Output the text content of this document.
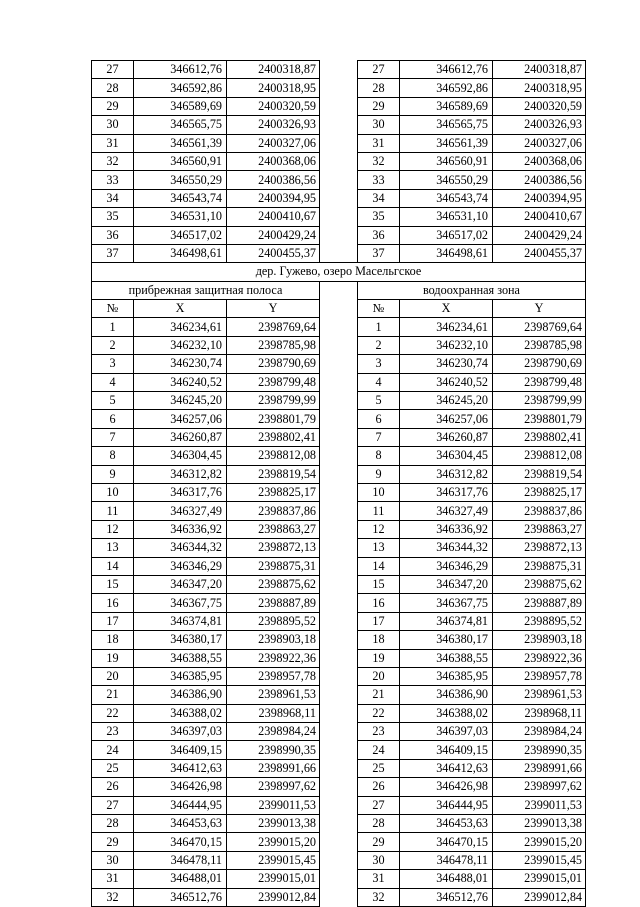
27	346612,76	2400318,87		27	346612,76	2400318,87
28	346592,86	2400318,95		28	346592,86	2400318,95
29	346589,69	2400320,59		29	346589,69	2400320,59
30	346565,75	2400326,93		30	346565,75	2400326,93
31	346561,39	2400327,06		31	346561,39	2400327,06
32	346560,91	2400368,06		32	346560,91	2400368,06
33	346550,29	2400386,56		33	346550,29	2400386,56
34	346543,74	2400394,95		34	346543,74	2400394,95
35	346531,10	2400410,67		35	346531,10	2400410,67
36	346517,02	2400429,24		36	346517,02	2400429,24
37	346498,61	2400455,37		37	346498,61	2400455,37
дер. Гужево, озеро Масельгское						
прибрежная защитная полоса				водоохранная зона		
№	X	Y		№	X	Y
1	346234,61	2398769,64		1	346234,61	2398769,64
2	346232,10	2398785,98		2	346232,10	2398785,98
3	346230,74	2398790,69		3	346230,74	2398790,69
4	346240,52	2398799,48		4	346240,52	2398799,48
5	346245,20	2398799,99		5	346245,20	2398799,99
6	346257,06	2398801,79		6	346257,06	2398801,79
7	346260,87	2398802,41		7	346260,87	2398802,41
8	346304,45	2398812,08		8	346304,45	2398812,08
9	346312,82	2398819,54		9	346312,82	2398819,54
10	346317,76	2398825,17		10	346317,76	2398825,17
11	346327,49	2398837,86		11	346327,49	2398837,86
12	346336,92	2398863,27		12	346336,92	2398863,27
13	346344,32	2398872,13		13	346344,32	2398872,13
14	346346,29	2398875,31		14	346346,29	2398875,31
15	346347,20	2398875,62		15	346347,20	2398875,62
16	346367,75	2398887,89		16	346367,75	2398887,89
17	346374,81	2398895,52		17	346374,81	2398895,52
18	346380,17	2398903,18		18	346380,17	2398903,18
19	346388,55	2398922,36		19	346388,55	2398922,36
20	346385,95	2398957,78		20	346385,95	2398957,78
21	346386,90	2398961,53		21	346386,90	2398961,53
22	346388,02	2398968,11		22	346388,02	2398968,11
23	346397,03	2398984,24		23	346397,03	2398984,24
24	346409,15	2398990,35		24	346409,15	2398990,35
25	346412,63	2398991,66		25	346412,63	2398991,66
26	346426,98	2398997,62		26	346426,98	2398997,62
27	346444,95	2399011,53		27	346444,95	2399011,53
28	346453,63	2399013,38		28	346453,63	2399013,38
29	346470,15	2399015,20		29	346470,15	2399015,20
30	346478,11	2399015,45		30	346478,11	2399015,45
31	346488,01	2399015,01		31	346488,01	2399015,01
32	346512,76	2399012,84		32	346512,76	2399012,84
